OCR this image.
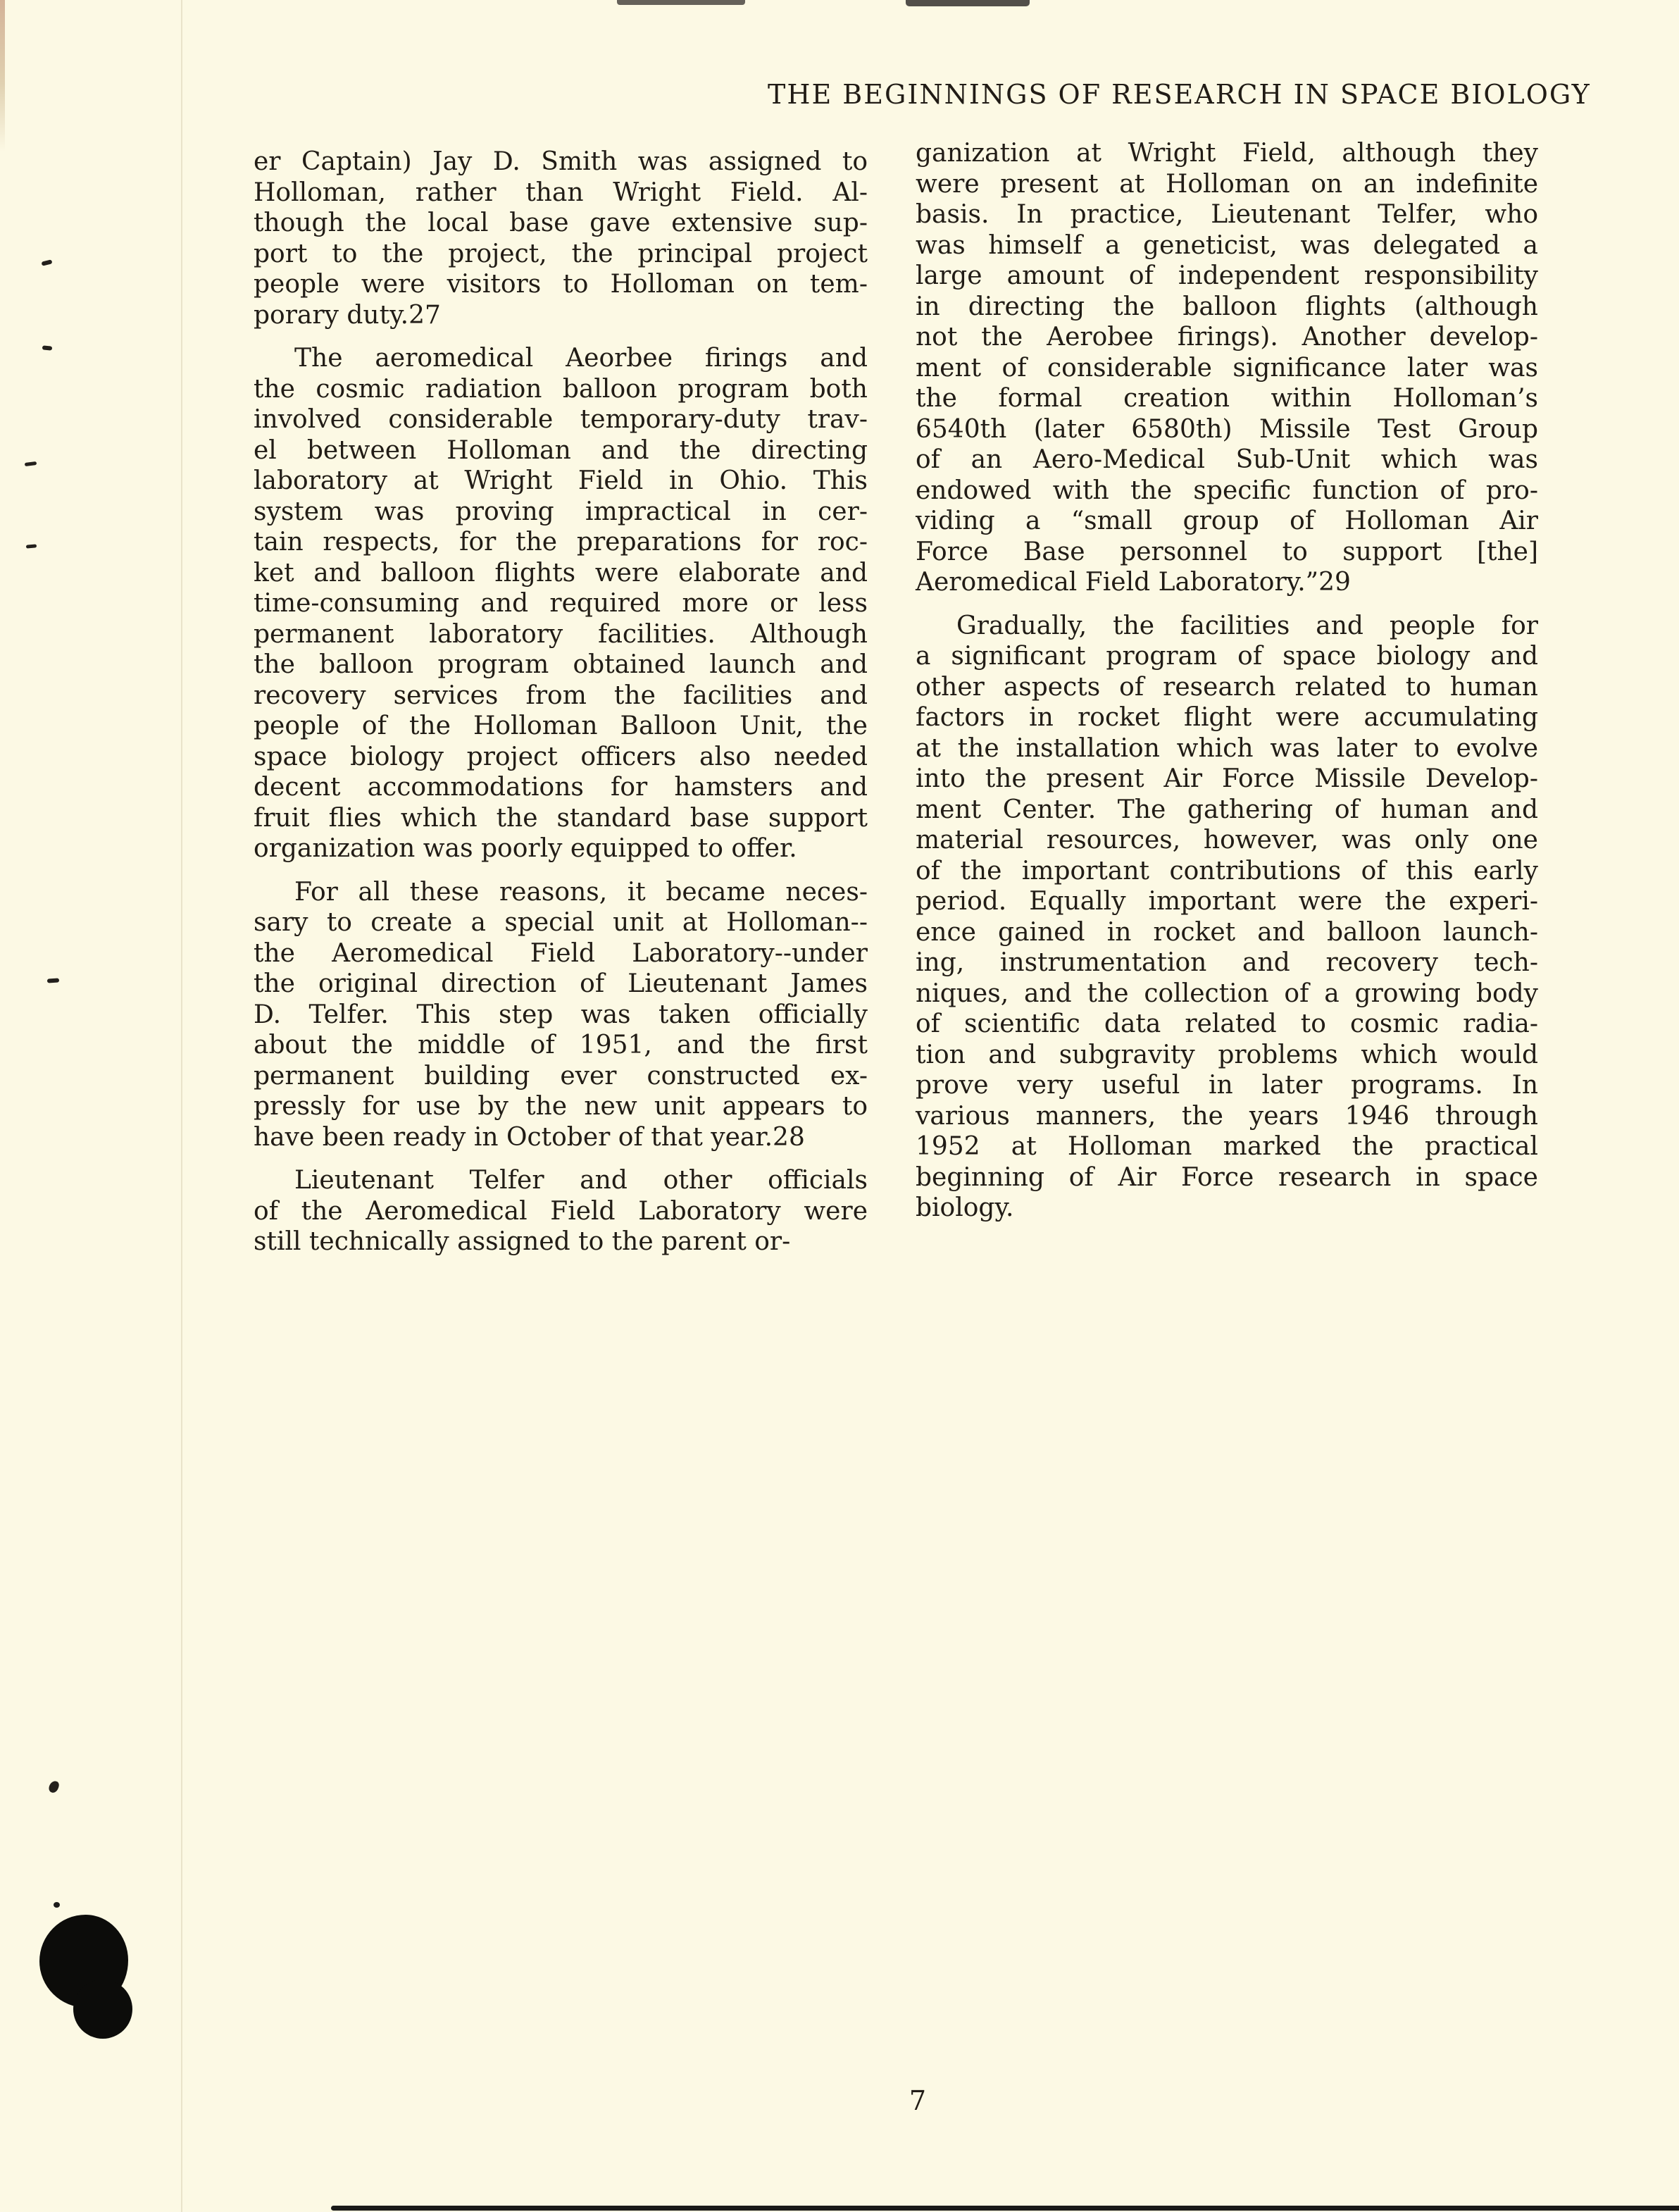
THE BEGINNINGS OF RESEARCH IN SPACE BIOLOGY
er Captain) Jay D. Smith was assigned to
Holloman, rather than Wright Field. Al-
though the local base gave extensive sup-
port to the project, the principal project
people were visitors to Holloman on tem-
porary duty.27
The aeromedical Aeorbee firings and
the cosmic radiation balloon program both
involved considerable temporary-duty trav-
el between Holloman and the directing
laboratory at Wright Field in Ohio. This
system was proving impractical in cer-
tain respects, for the preparations for roc-
ket and balloon flights were elaborate and
time-consuming and required more or less
permanent laboratory facilities. Although
the balloon program obtained launch and
recovery services from the facilities and
people of the Holloman Balloon Unit, the
space biology project officers also needed
decent accommodations for hamsters and
fruit flies which the standard base support
organization was poorly equipped to offer.
For all these reasons, it became neces-
sary to create a special unit at Holloman--
the Aeromedical Field Laboratory--under
the original direction of Lieutenant James
D. Telfer. This step was taken officially
about the middle of 1951, and the first
permanent building ever constructed ex-
pressly for use by the new unit appears to
have been ready in October of that year.28
Lieutenant Telfer and other officials
of the Aeromedical Field Laboratory were
still technically assigned to the parent or-
ganization at Wright Field, although they
were present at Holloman on an indefinite
basis. In practice, Lieutenant Telfer, who
was himself a geneticist, was delegated a
large amount of independent responsibility
in directing the balloon flights (although
not the Aerobee firings). Another develop-
ment of considerable significance later was
the formal creation within Holloman’s
6540th (later 6580th) Missile Test Group
of an Aero-Medical Sub-Unit which was
endowed with the specific function of pro-
viding a “small group of Holloman Air
Force Base personnel to support [the]
Aeromedical Field Laboratory.”29
Gradually, the facilities and people for
a significant program of space biology and
other aspects of research related to human
factors in rocket flight were accumulating
at the installation which was later to evolve
into the present Air Force Missile Develop-
ment Center. The gathering of human and
material resources, however, was only one
of the important contributions of this early
period. Equally important were the experi-
ence gained in rocket and balloon launch-
ing, instrumentation and recovery tech-
niques, and the collection of a growing body
of scientific data related to cosmic radia-
tion and subgravity problems which would
prove very useful in later programs. In
various manners, the years 1946 through
1952 at Holloman marked the practical
beginning of Air Force research in space
biology.
7
